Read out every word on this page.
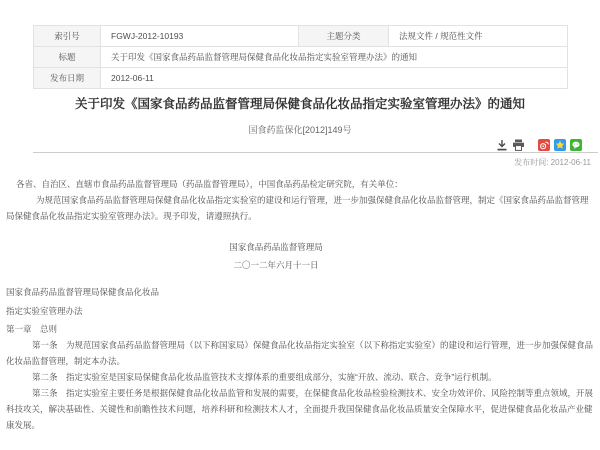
索引号	FGWJ-2012-10193	主题分类	法规文件 / 规范性文件
标题	关于印发《国家食品药品监督管理局保健食品化妆品指定实验室管理办法》的通知		
发布日期	2012-06-11		
关于印发《国家食品药品监督管理局保健食品化妆品指定实验室管理办法》的通知
国食药监保化[2012]149号
发布时间: 2012-06-11

各省、自治区、直辖市食品药品监督管理局（药品监督管理局），中国食品药品检定研究院，有关单位：

为规范国家食品药品监督管理局保健食品化妆品指定实验室的建设和运行管理，进一步加强保健食品化妆品监督管理，制定《国家食品药品监督管理局保健食品化妆品指定实验室管理办法》。现予印发，请遵照执行。

国家食品药品监督管理局

二〇一二年六月十一日

国家食品药品监督管理局保健食品化妆品

指定实验室管理办法

第一章　总则

第一条　为规范国家食品药品监督管理局（以下称国家局）保健食品化妆品指定实验室（以下称指定实验室）的建设和运行管理，进一步加强保健食品化妆品监督管理，制定本办法。

第二条　指定实验室是国家局保健食品化妆品监管技术支撑体系的重要组成部分，实施“开放、流动、联合、竞争”运行机制。

第三条　指定实验室主要任务是根据保健食品化妆品监管和发展的需要，在保健食品化妆品检验检测技术、安全功效评价、风险控制等重点领域，开展科技攻关，解决基础性、关键性和前瞻性技术问题，培养科研和检测技术人才，全面提升我国保健食品化妆品质量安全保障水平，促进保健食品化妆品产业健康发展。
